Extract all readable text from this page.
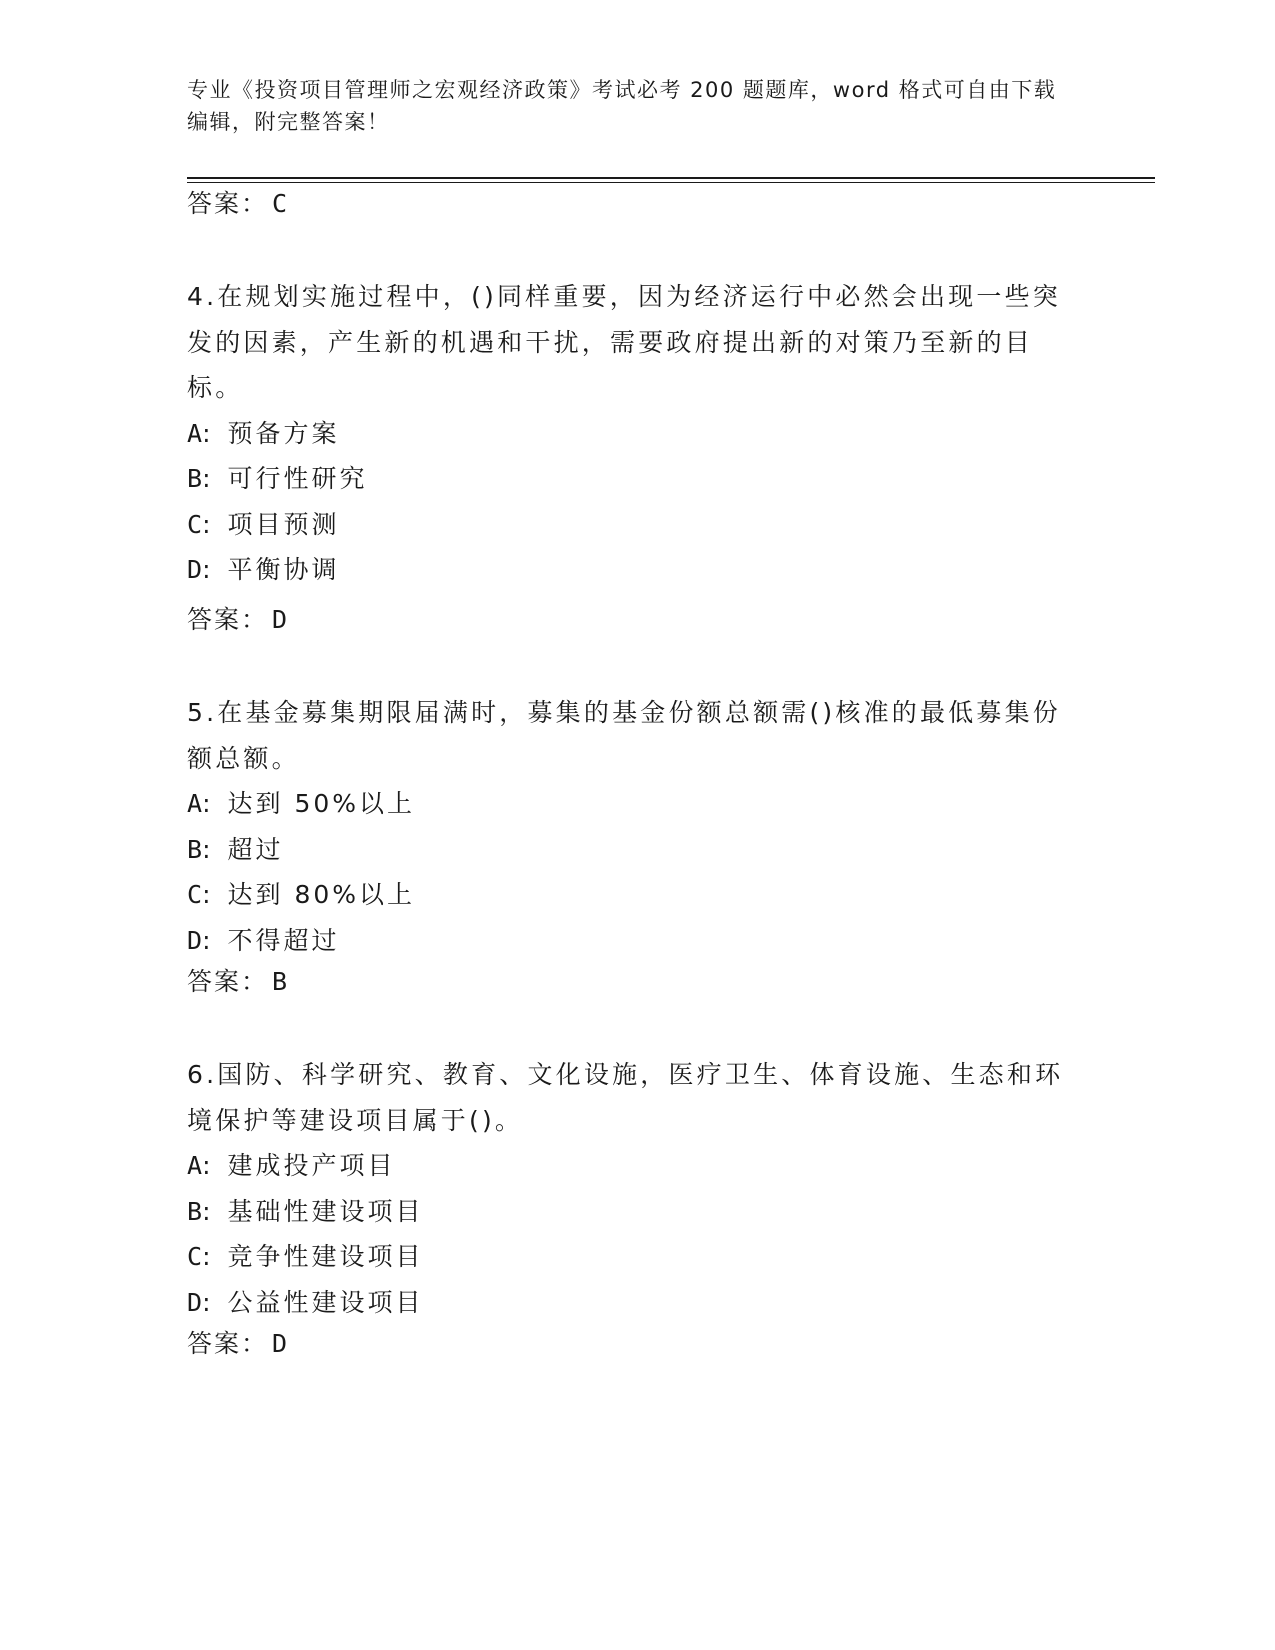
专业《投资项目管理师之宏观经济政策》考试必考 200 题题库，word 格式可自由下载编辑，附完整答案！
答案： C
4.在规划实施过程中，()同样重要，因为经济运行中必然会出现一些突发的因素，产生新的机遇和干扰，需要政府提出新的对策乃至新的目标。
A: 预备方案
B: 可行性研究
C: 项目预测
D: 平衡协调
答案： D
5.在基金募集期限届满时，募集的基金份额总额需()核准的最低募集份额总额。
A: 达到 50%以上
B: 超过
C: 达到 80%以上
D: 不得超过
答案： B
6.国防、科学研究、教育、文化设施，医疗卫生、体育设施、生态和环境保护等建设项目属于()。
A: 建成投产项目
B: 基础性建设项目
C: 竞争性建设项目
D: 公益性建设项目
答案： D
